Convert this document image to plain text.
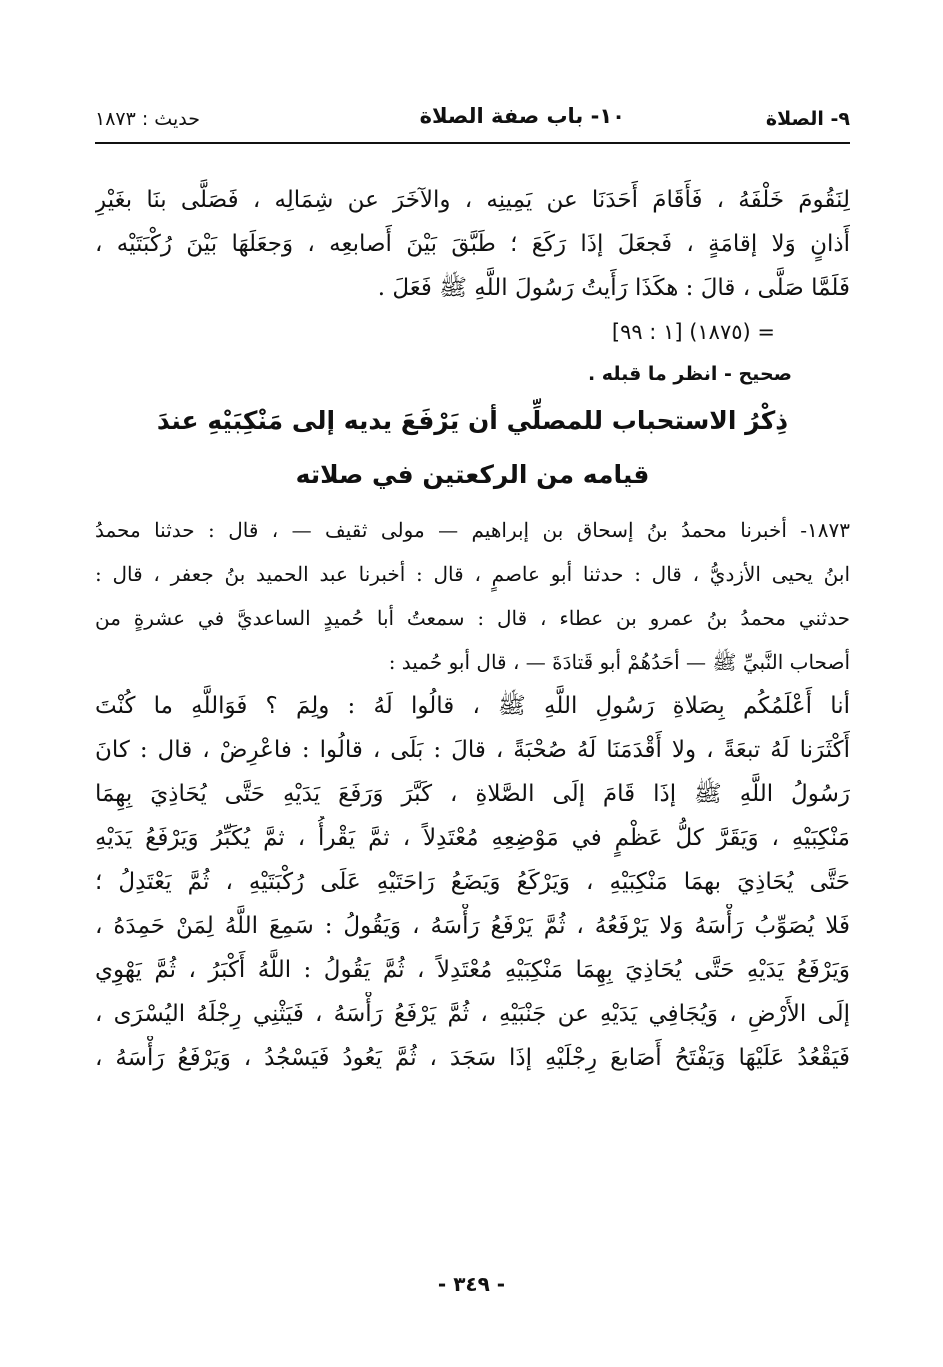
٩- الصلاة
١٠- باب صفة الصلاة
حديث : ١٨٧٣
لِنَقُومَ خَلْفَهُ ، فَأَقَامَ أَحَدَنَا عن يَمِينِه ، والآخَرَ عن شِمَالِه ، فَصَلَّى بنَا بغَيْرِ
أَذانٍ وَلا إقامَةٍ ، فَجعَلَ إذَا رَكَعَ ؛ طَبَّقَ بَيْنَ أَصابعِه ، وَجعَلَهَا بَيْنَ رُكْبَتَيْه ،
فَلَمَّا صَلَّى ، قالَ : هكَذَا رَأَيتُ رَسُولَ اللَّهِ ﷺ فَعَلَ .
= (١٨٧٥) [١ : ٩٩]
صحيح - انظر ما قبله .
ذِكْرُ الاستحباب للمصلِّي أن يَرْفَعَ يديه إلى مَنْكِبَيْهِ عندَ
قيامه من الركعتين في صلاته
١٨٧٣- أخبرنا محمدُ بنُ إسحاق بن إبراهيم — مولى ثقيف — ، قال : حدثنا محمدُ
ابنُ يحيى الأزديُّ ، قال : حدثنا أبو عاصمٍ ، قال : أخبرنا عبد الحميد بنُ جعفر ، قال :
حدثني محمدُ بنُ عمرو بن عطاء ، قال : سمعتُ أبا حُميدٍ الساعديَّ في عشرةٍ من
أصحاب النَّبيِّ ﷺ — أحَدُهُمْ أبو قَتادَةَ — ، قال أبو حُميد :
أنا أَعْلَمُكُم بِصَلاةِ رَسُولِ اللَّهِ ﷺ ، قالُوا لَهُ : ولِمَ ؟ فَوَاللَّهِ ما كُنْتَ
أَكْثَرَنا لَهُ تبعَةً ، ولا أَقْدَمَنَا لَهُ صُحْبَةً ، قالَ : بَلَى ، قالُوا : فاعْرِضْ ، قال : كانَ
رَسُولُ اللَّهِ ﷺ إذَا قَامَ إلَى الصَّلاةِ ، كَبَّرَ وَرَفَعَ يَدَيْهِ حَتَّى يُحَاذِيَ بِهِمَا
مَنْكِبَيْهِ ، وَيَقَرَّ كلُّ عَظْمٍ في مَوْضِعِهِ مُعْتَدِلاً ، ثمَّ يَقْرأُ ، ثمَّ يُكَبِّرُ وَيَرْفَعُ يَدَيْهِ
حَتَّى يُحَاذِيَ بهمَا مَنْكِبَيْهِ ، وَيَرْكَعُ وَيَضَعُ رَاحَتَيْهِ عَلَى رُكْبَتَيْهِ ، ثُمَّ يَعْتَدِلُ ؛
فَلا يُصَوِّبُ رَأْسَهُ وَلا يَرْفَعُهُ ، ثُمَّ يَرْفَعُ رَأْسَهُ ، وَيَقُولُ : سَمِعَ اللَّهُ لِمَنْ حَمِدَهُ ،
وَيَرْفَعُ يَدَيْهِ حَتَّى يُحَاذِيَ بِهِمَا مَنْكِبَيْهِ مُعْتَدِلاً ، ثُمَّ يَقُولُ : اللَّهُ أَكْبَرُ ، ثُمَّ يَهْوِي
إلَى الأَرْضِ ، وَيُجَافِي يَدَيْهِ عن جَنْبَيْهِ ، ثُمَّ يَرْفَعُ رَأْسَهُ ، فَيَثْنِي رِجْلَهُ اليُسْرَى ،
فَيَقْعُدُ عَلَيْهَا وَيَفْتَحُ أَصَابعَ رِجْلَيْهِ إذَا سَجَدَ ، ثُمَّ يَعُودُ فَيَسْجُدُ ، وَيَرْفَعُ رَأْسَهُ ،
- ٣٤٩ -
